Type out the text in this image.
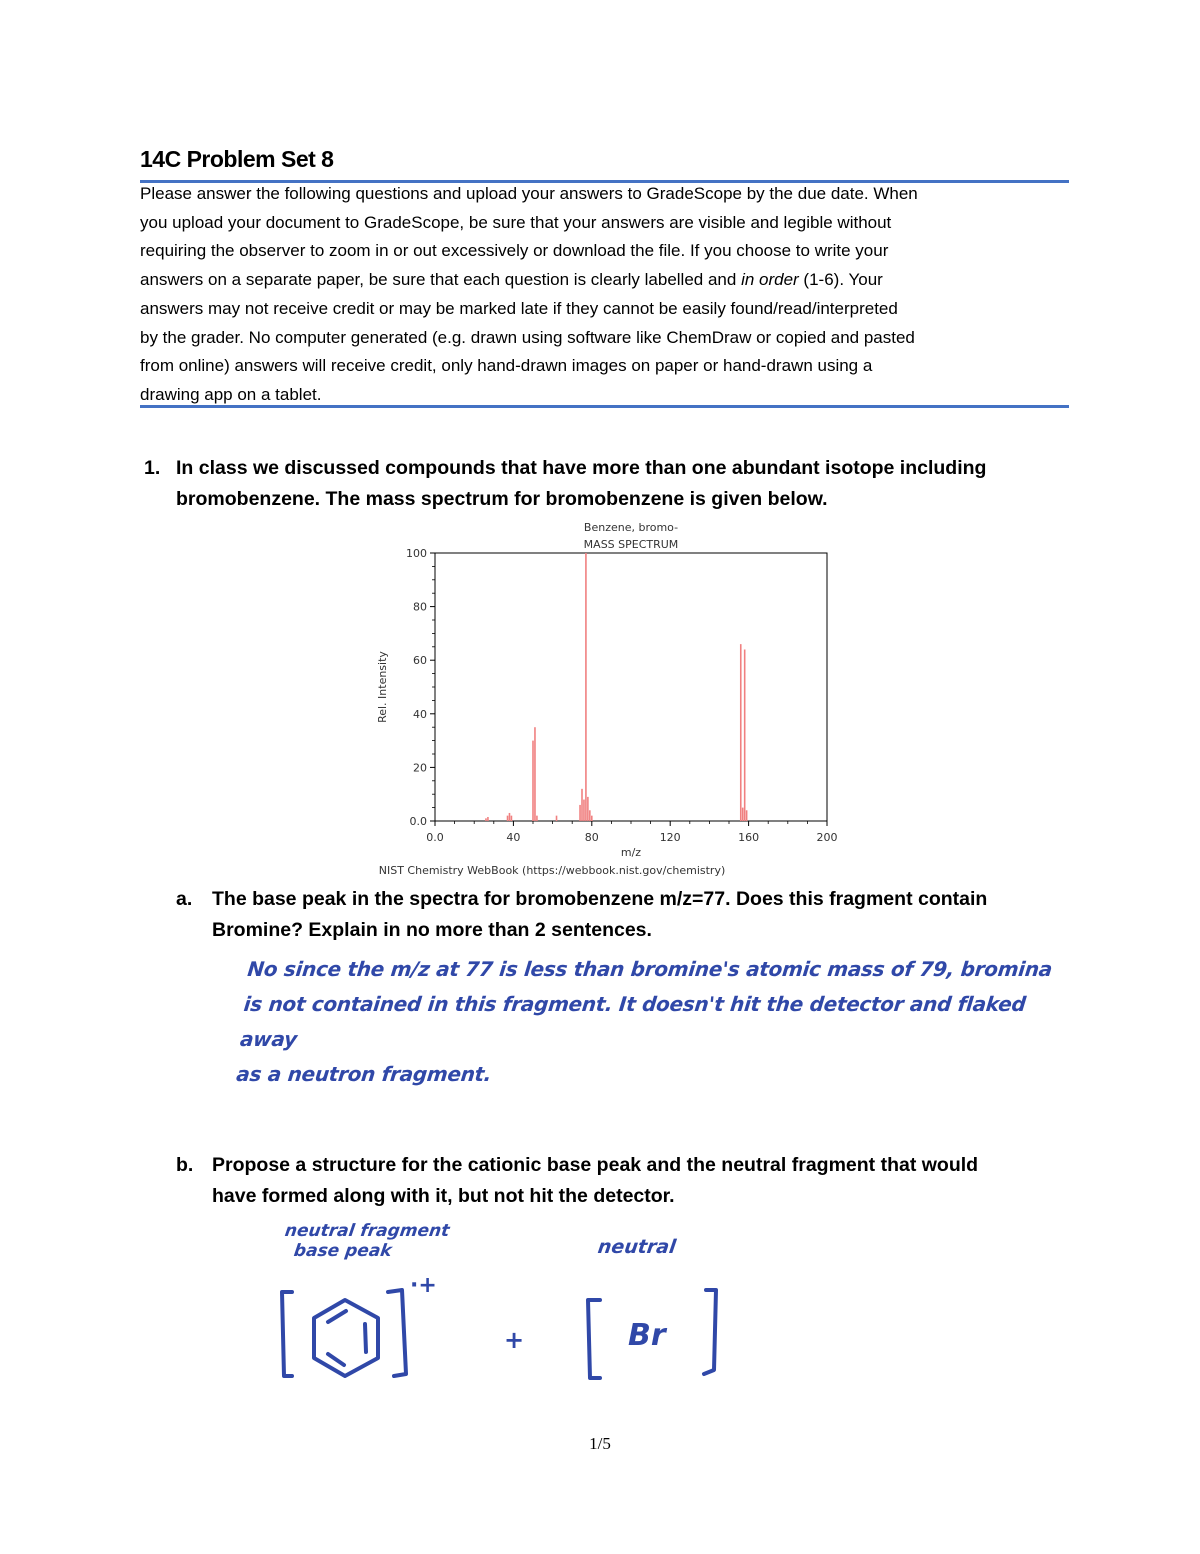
14C Problem Set 8
Please answer the following questions and upload your answers to GradeScope by the due date. When
you upload your document to GradeScope, be sure that your answers are visible and legible without
requiring the observer to zoom in or out excessively or download the file. If you choose to write your
answers on a separate paper, be sure that each question is clearly labelled and in order (1-6). Your
answers may not receive credit or may be marked late if they cannot be easily found/read/interpreted
by the grader. No computer generated (e.g. drawn using software like ChemDraw or copied and pasted
from online) answers will receive credit, only hand-drawn images on paper or hand-drawn using a
drawing app on a tablet.
1. In class we discussed compounds that have more than one abundant isotope including
bromobenzene. The mass spectrum for bromobenzene is given below.
Benzene, bromo-
MASS SPECTRUM
0.0	40	80	120	160	200
0.0
20
40
60
80
100
m/z
Rel. Intensity
NIST Chemistry WebBook (https://webbook.nist.gov/chemistry)
a. The base peak in the spectra for bromobenzene m/z=77. Does this fragment contain
Bromine? Explain in no more than 2 sentences.
No since the m/z at 77 is less than bromine's atomic mass of 79, bromina
is not contained in this fragment. It doesn't hit the detector and flaked away
as a neutron fragment.
b. Propose a structure for the cationic base peak and the neutral fragment that would
have formed along with it, but not hit the detector.
neutral fragment
base peak	neutral
·+
+	Br
1/5
